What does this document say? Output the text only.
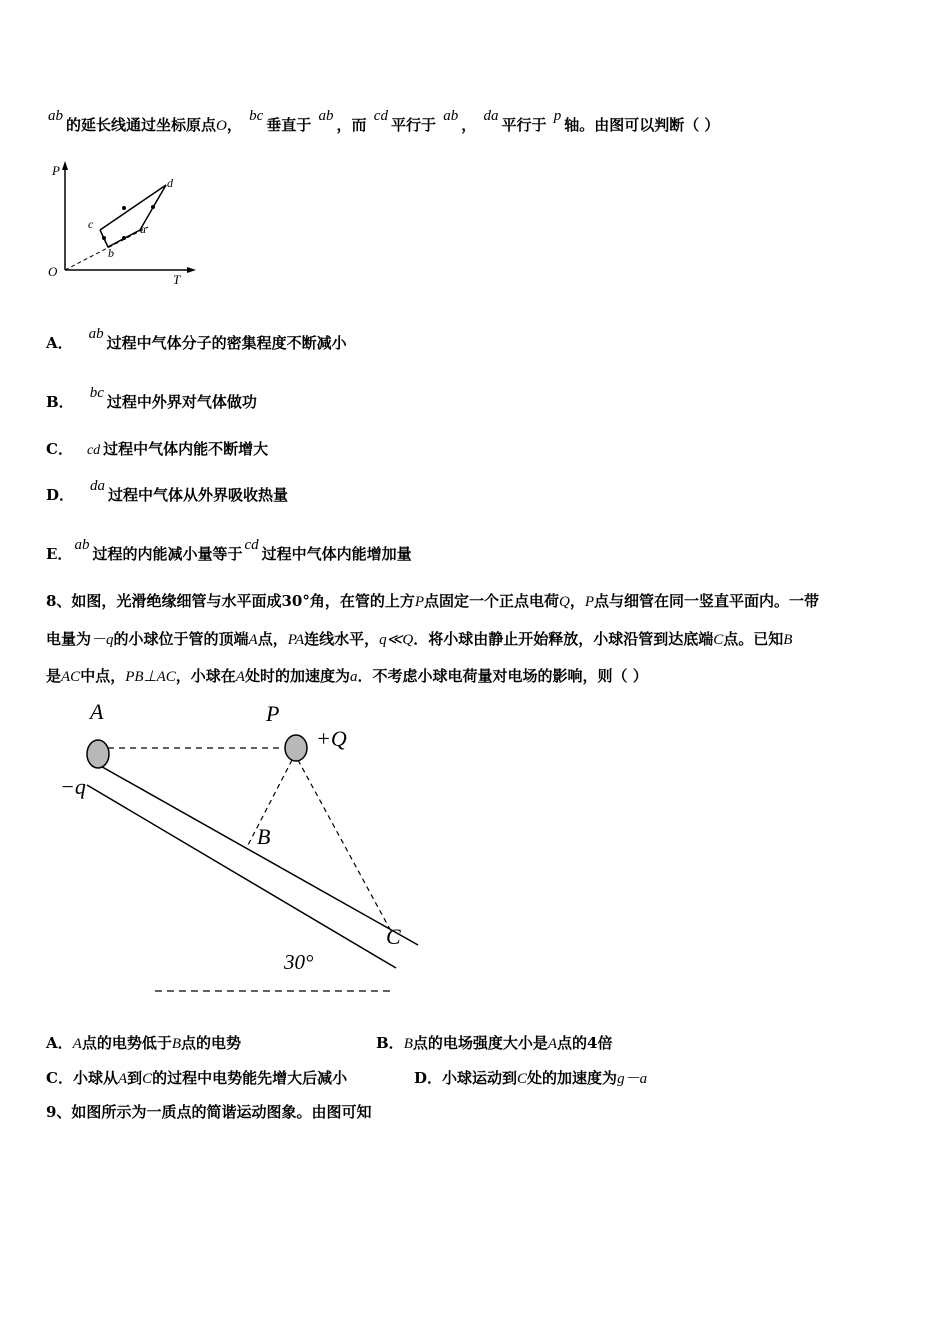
ab 的延长线通过坐标原点O， bc 垂直于 ab ，而 cd 平行于 ab ， da 平行于 p 轴。由图可以判断（ ）
P
T
O
a
b
c
d
A． ab 过程中气体分子的密集程度不断减小
B． bc 过程中外界对气体做功
C． cd 过程中气体内能不断增大
D． da 过程中气体从外界吸收热量
E． ab 过程的内能减小量等于 cd 过程中气体内能增加量
8、如图，光滑绝缘细管与水平面成30°角，在管的上方P点固定一个正点电荷Q，P点与细管在同一竖直平面内。一带
电量为－q的小球位于管的顶端A点，PA连线水平，q≪Q．将小球由静止开始释放，小球沿管到达底端C点。已知B
是AC中点，PB⊥AC，小球在A处时的加速度为a．不考虑小球电荷量对电场的影响，则（ ）
A	P
+Q
−q
B
C
30°
A．A点的电势低于B点的电势	B．B点的电场强度大小是A点的4倍
C．小球从A到C的过程中电势能先增大后减小	D．小球运动到C处的加速度为g－a
9、如图所示为一质点的简谐运动图象。由图可知
